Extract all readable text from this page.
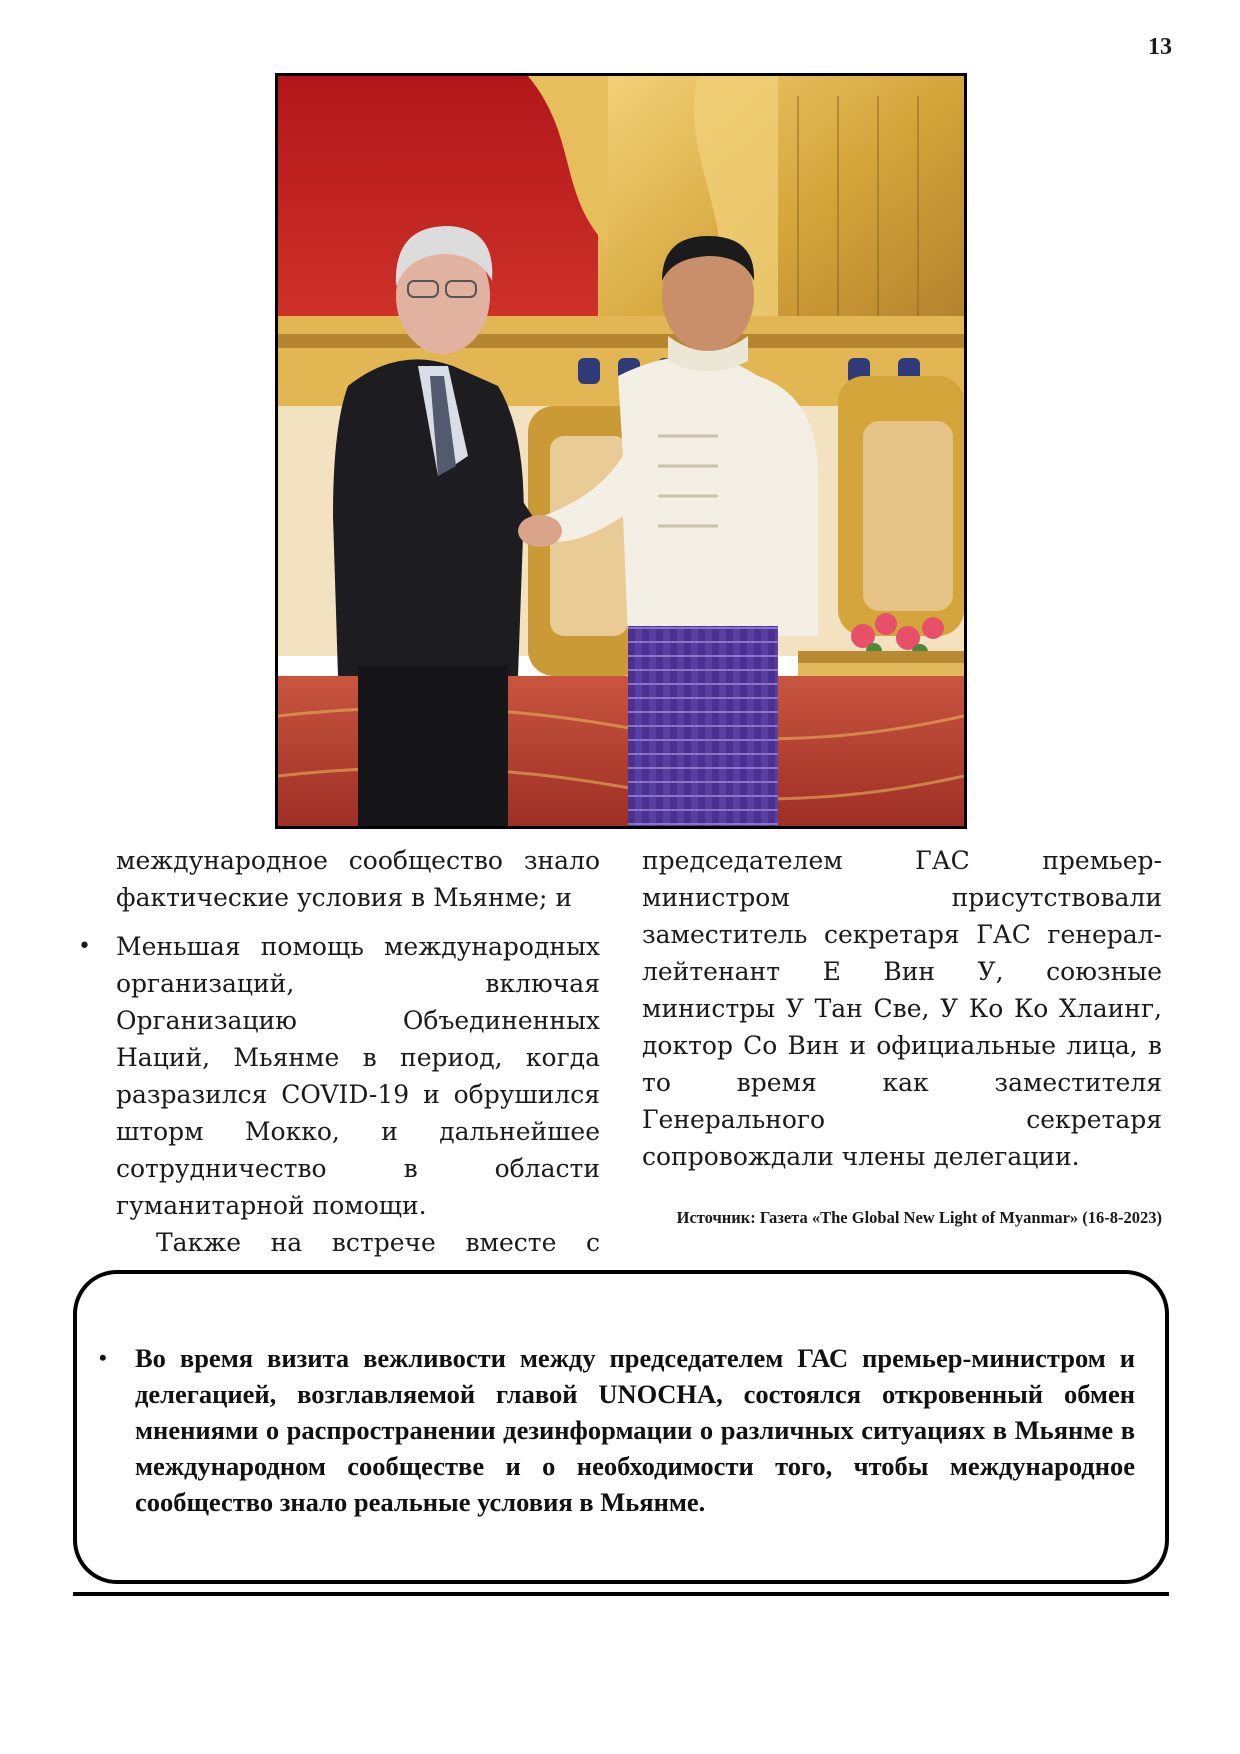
13

международное сообщество знало фактические условия в Мьянме; и

• Меньшая помощь международных организаций, включая Организацию Объединенных Наций, Мьянме в период, когда разразился COVID-19 и обрушился шторм Мокко, и дальнейшее сотрудничество в области гуманитарной помощи.

Также на встрече вместе с

председателем ГАС премьер-министром присутствовали заместитель секретаря ГАС генерал-лейтенант Е Вин У, союзные министры У Тан Све, У Ко Ко Хлаинг, доктор Со Вин и официальные лица, в то время как заместителя Генерального секретаря сопровождали члены делегации.

Источник: Газета «The Global New Light of Myanmar» (16-8-2023)

• Во время визита вежливости между председателем ГАС премьер-министром и делегацией, возглавляемой главой UNOCHA, состоялся откровенный обмен мнениями о распространении дезинформации о различных ситуациях в Мьянме в международном сообществе и о необходимости того, чтобы международное сообщество знало реальные условия в Мьянме.
